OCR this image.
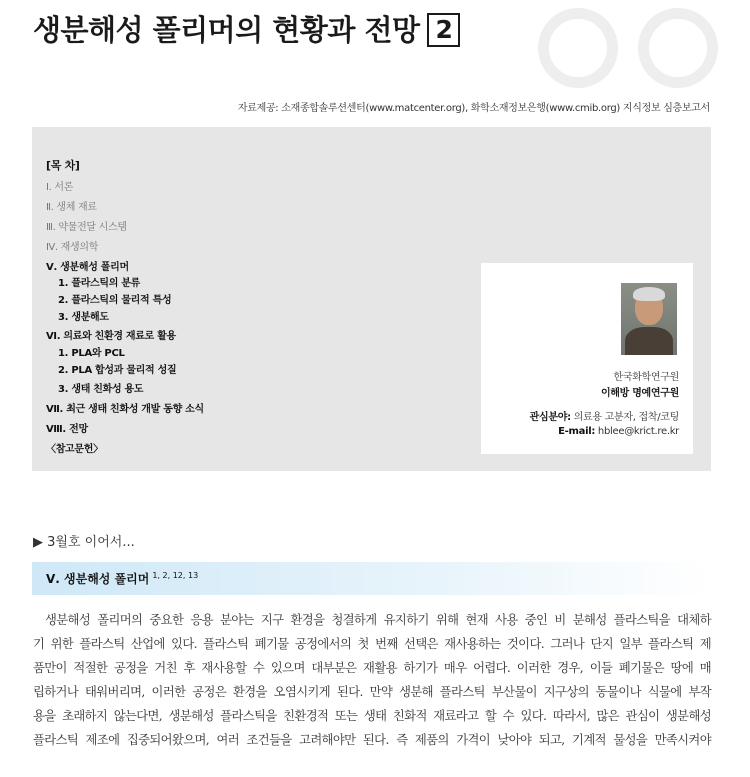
생분해성 폴리머의 현황과 전망 2
자료제공: 소재종합솔루션센터(www.matcenter.org), 화학소재정보은행(www.cmib.org) 지식정보 심층보고서
[목 차]
Ⅰ. 서론
Ⅱ. 생체 재료
Ⅲ. 약물전달 시스템
Ⅳ. 재생의학
Ⅴ. 생분해성 폴리머
1. 플라스틱의 분류
2. 플라스틱의 물리적 특성
3. 생분해도
Ⅵ. 의료와 친환경 재료로 활용
1. PLA와 PCL
2. PLA 합성과 물리적 성질
3. 생태 친화성 용도
Ⅶ. 최근 생태 친화성 개발 동향 소식
Ⅷ. 전망
〈참고문헌〉
한국화학연구원
이해방 명예연구원
관심분야: 의료용 고분자, 접착/코팅
E-mail: hblee@krict.re.kr
▶ 3월호 이어서...
Ⅴ. 생분해성 폴리머 $^{1, 2, 12, 13}$
생분해성 폴리머의 중요한 응용 분야는 지구 환경을 청결하게 유지하기 위해 현재 사용 중인 비 분해성 플라스틱을 대체하
기 위한 플라스틱 산업에 있다. 플라스틱 폐기물 공정에서의 첫 번째 선택은 재사용하는 것이다. 그러나 단지 일부 플라스틱 제
품만이 적절한 공정을 거친 후 재사용할 수 있으며 대부분은 재활용 하기가 매우 어렵다. 이러한 경우, 이들 폐기물은 땅에 매
립하거나 태워버리며, 이러한 공정은 환경을 오염시키게 된다. 만약 생분해 플라스틱 부산물이 지구상의 동물이나 식물에 부작
용을 초래하지 않는다면, 생분해성 플라스틱을 친환경적 또는 생태 친화적 재료라고 할 수 있다. 따라서, 많은 관심이 생분해성
플라스틱 제조에 집중되어왔으며, 여러 조건들을 고려해야만 된다. 즉 제품의 가격이 낮아야 되고, 기계적 물성을 만족시켜야
